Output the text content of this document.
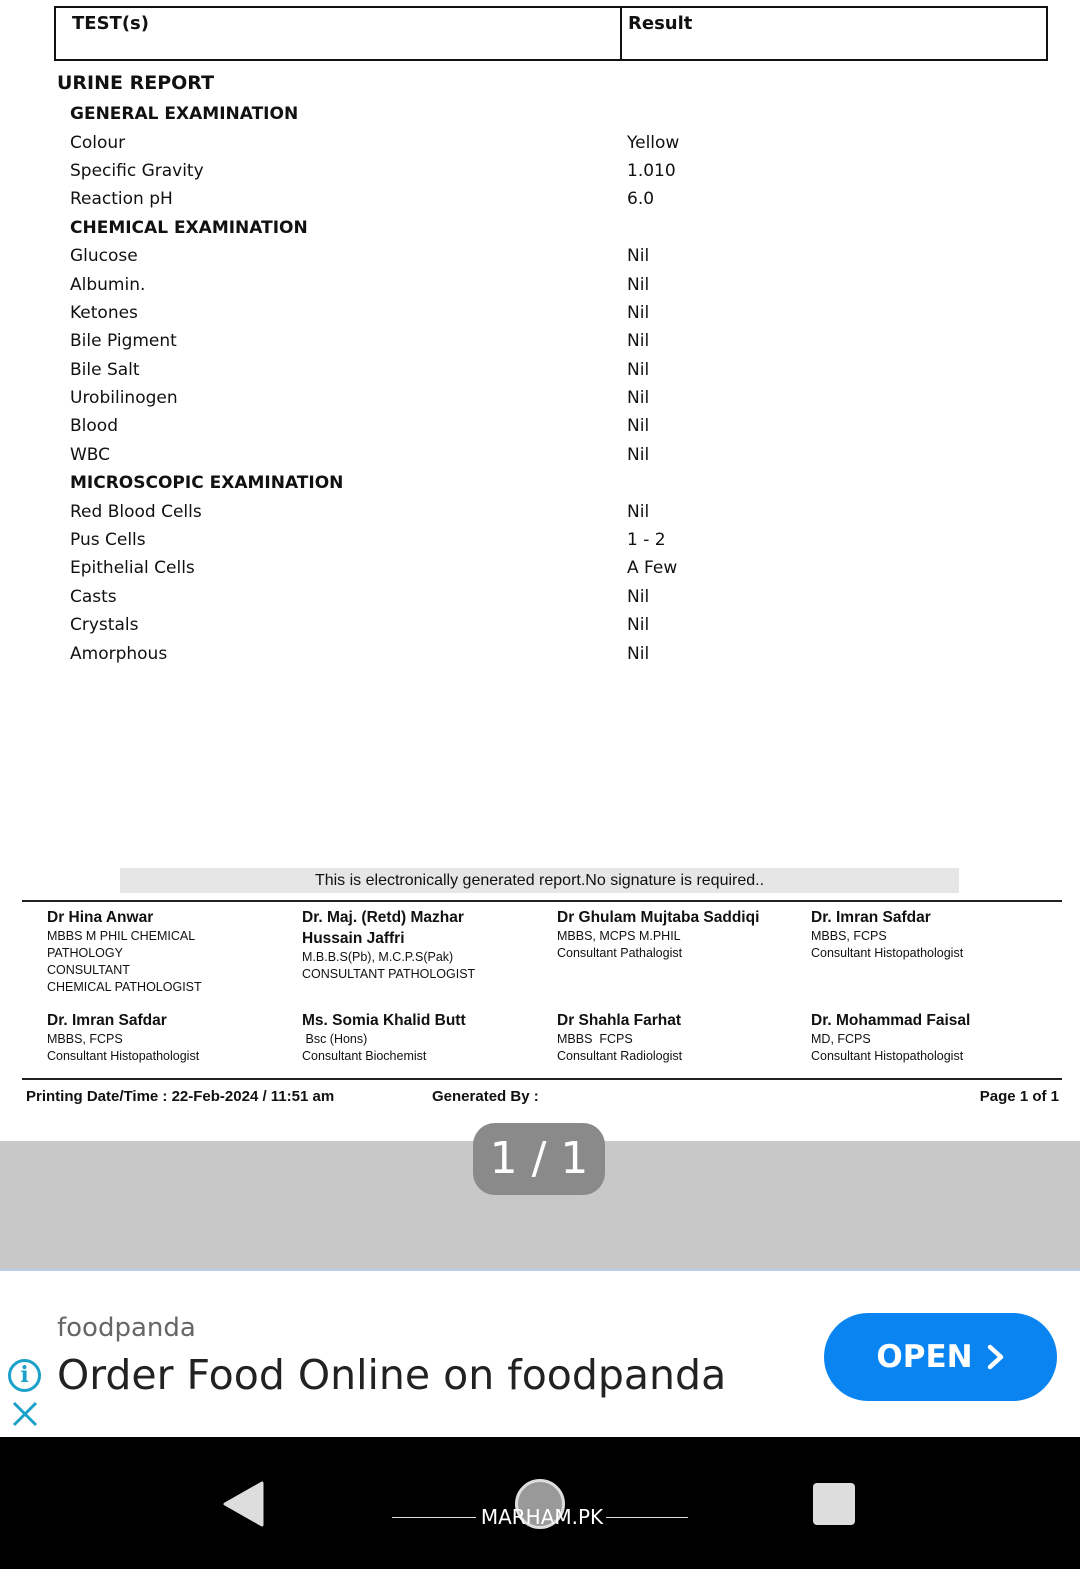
TEST(s)	Result
URINE REPORT
GENERAL EXAMINATION
Colour	Yellow
Specific Gravity	1.010
Reaction pH	6.0
CHEMICAL EXAMINATION
Glucose	Nil
Albumin.	Nil
Ketones	Nil
Bile Pigment	Nil
Bile Salt	Nil
Urobilinogen	Nil
Blood	Nil
WBC	Nil
MICROSCOPIC EXAMINATION
Red Blood Cells	Nil
Pus Cells	1 - 2
Epithelial Cells	A Few
Casts	Nil
Crystals	Nil
Amorphous	Nil
This is electronically generated report.No signature is required..
Dr Hina Anwar
MBBS M PHIL CHEMICAL
PATHOLOGY
CONSULTANT
CHEMICAL PATHOLOGIST
Dr. Maj. (Retd) Mazhar
Hussain Jaffri
M.B.B.S(Pb), M.C.P.S(Pak)
CONSULTANT PATHOLOGIST
Dr Ghulam Mujtaba Saddiqi
MBBS, MCPS M.PHIL
Consultant Pathalogist
Dr. Imran Safdar
MBBS, FCPS
Consultant Histopathologist
Dr. Imran Safdar
MBBS, FCPS
Consultant Histopathologist
Ms. Somia Khalid Butt
Bsc (Hons)
Consultant Biochemist
Dr Shahla Farhat
MBBS  FCPS
Consultant Radiologist
Dr. Mohammad Faisal
MD, FCPS
Consultant Histopathologist
Printing Date/Time : 22-Feb-2024 / 11:51 am	Generated By :	Page 1 of 1
1 / 1
foodpanda
Order Food Online on foodpanda	OPEN
i
MARHAM.PK
